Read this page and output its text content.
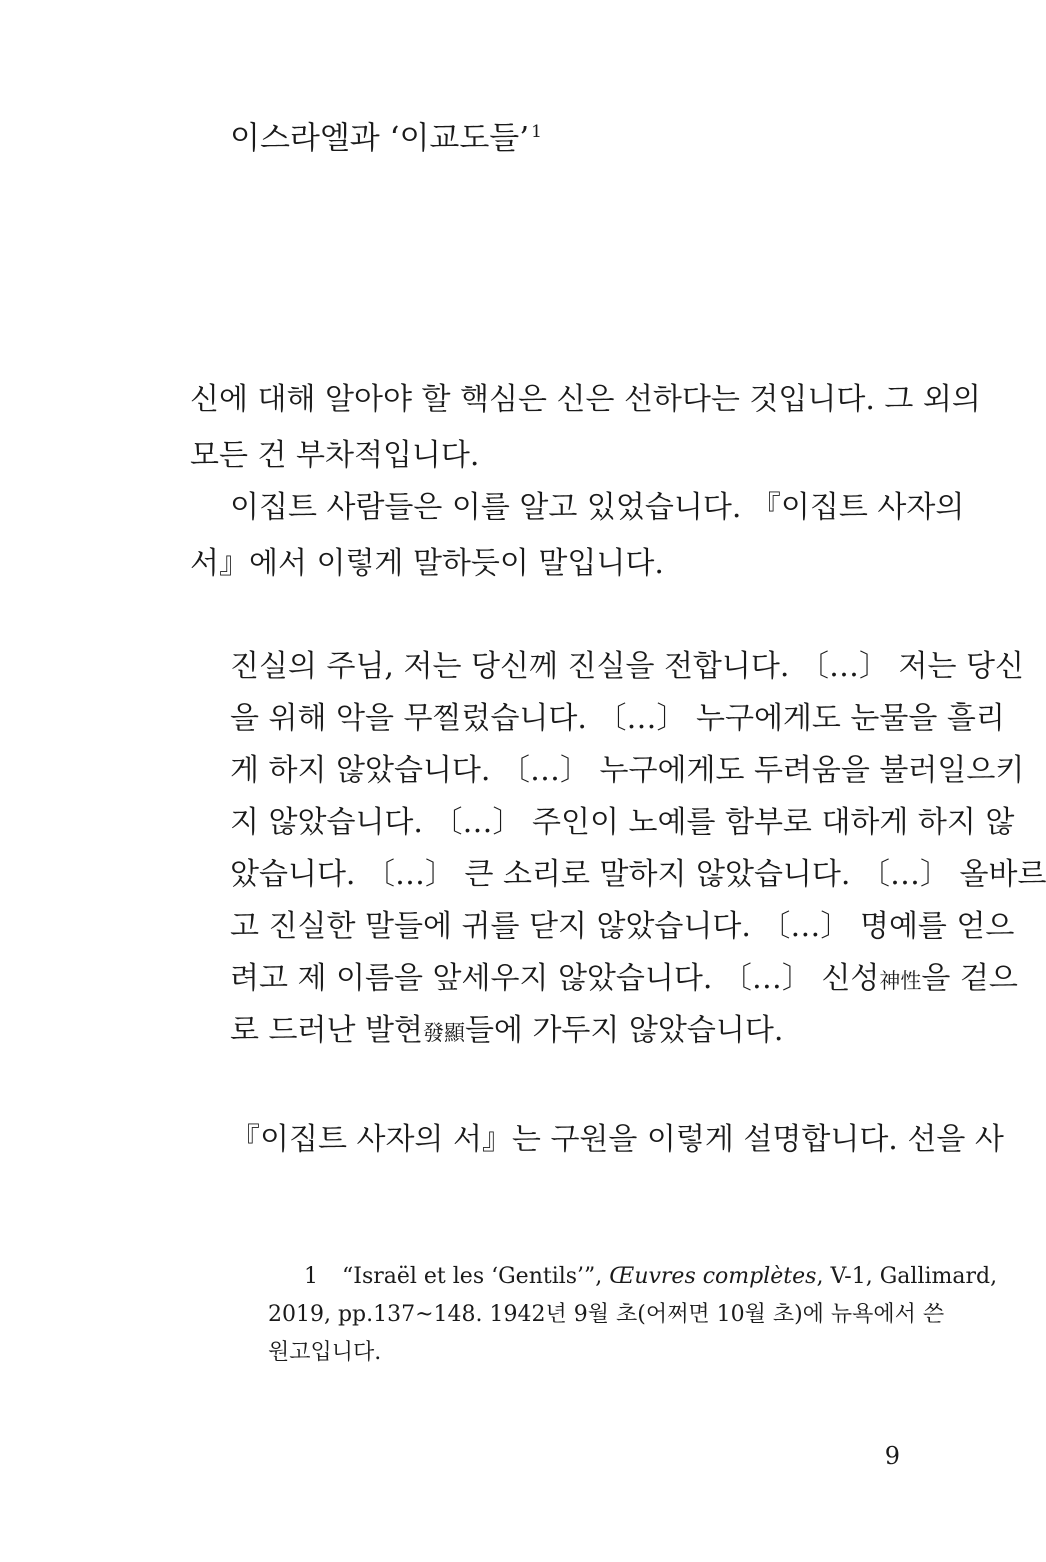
이스라엘과 ‘이교도들’ $^1$

신에 대해 알아야 할 핵심은 신은 선하다는 것입니다. 그 외의

모든 건 부차적입니다.

이집트 사람들은 이를 알고 있었습니다. 『이집트 사자의

서』에서 이렇게 말하듯이 말입니다.

진실의 주님, 저는 당신께 진실을 전합니다. 〔…〕 저는 당신

을 위해 악을 무찔렀습니다. 〔…〕 누구에게도 눈물을 흘리

게 하지 않았습니다. 〔…〕 누구에게도 두려움을 불러일으키

지 않았습니다. 〔…〕 주인이 노예를 함부로 대하게 하지 않

았습니다. 〔…〕 큰 소리로 말하지 않았습니다. 〔…〕 올바르

고 진실한 말들에 귀를 닫지 않았습니다. 〔…〕 명예를 얻으

려고 제 이름을 앞세우지 않았습니다. 〔…〕 신성神性을 겉으

로 드러난 발현發顯들에 가두지 않았습니다.

『이집트 사자의 서』는 구원을 이렇게 설명합니다. 선을 사

1 “Israël et les ‘Gentils’”, Œuvres complètes, V-1, Gallimard,

2019, pp.137~148. 1942년 9월 초(어쩌면 10월 초)에 뉴욕에서 쓴

원고입니다.

9
